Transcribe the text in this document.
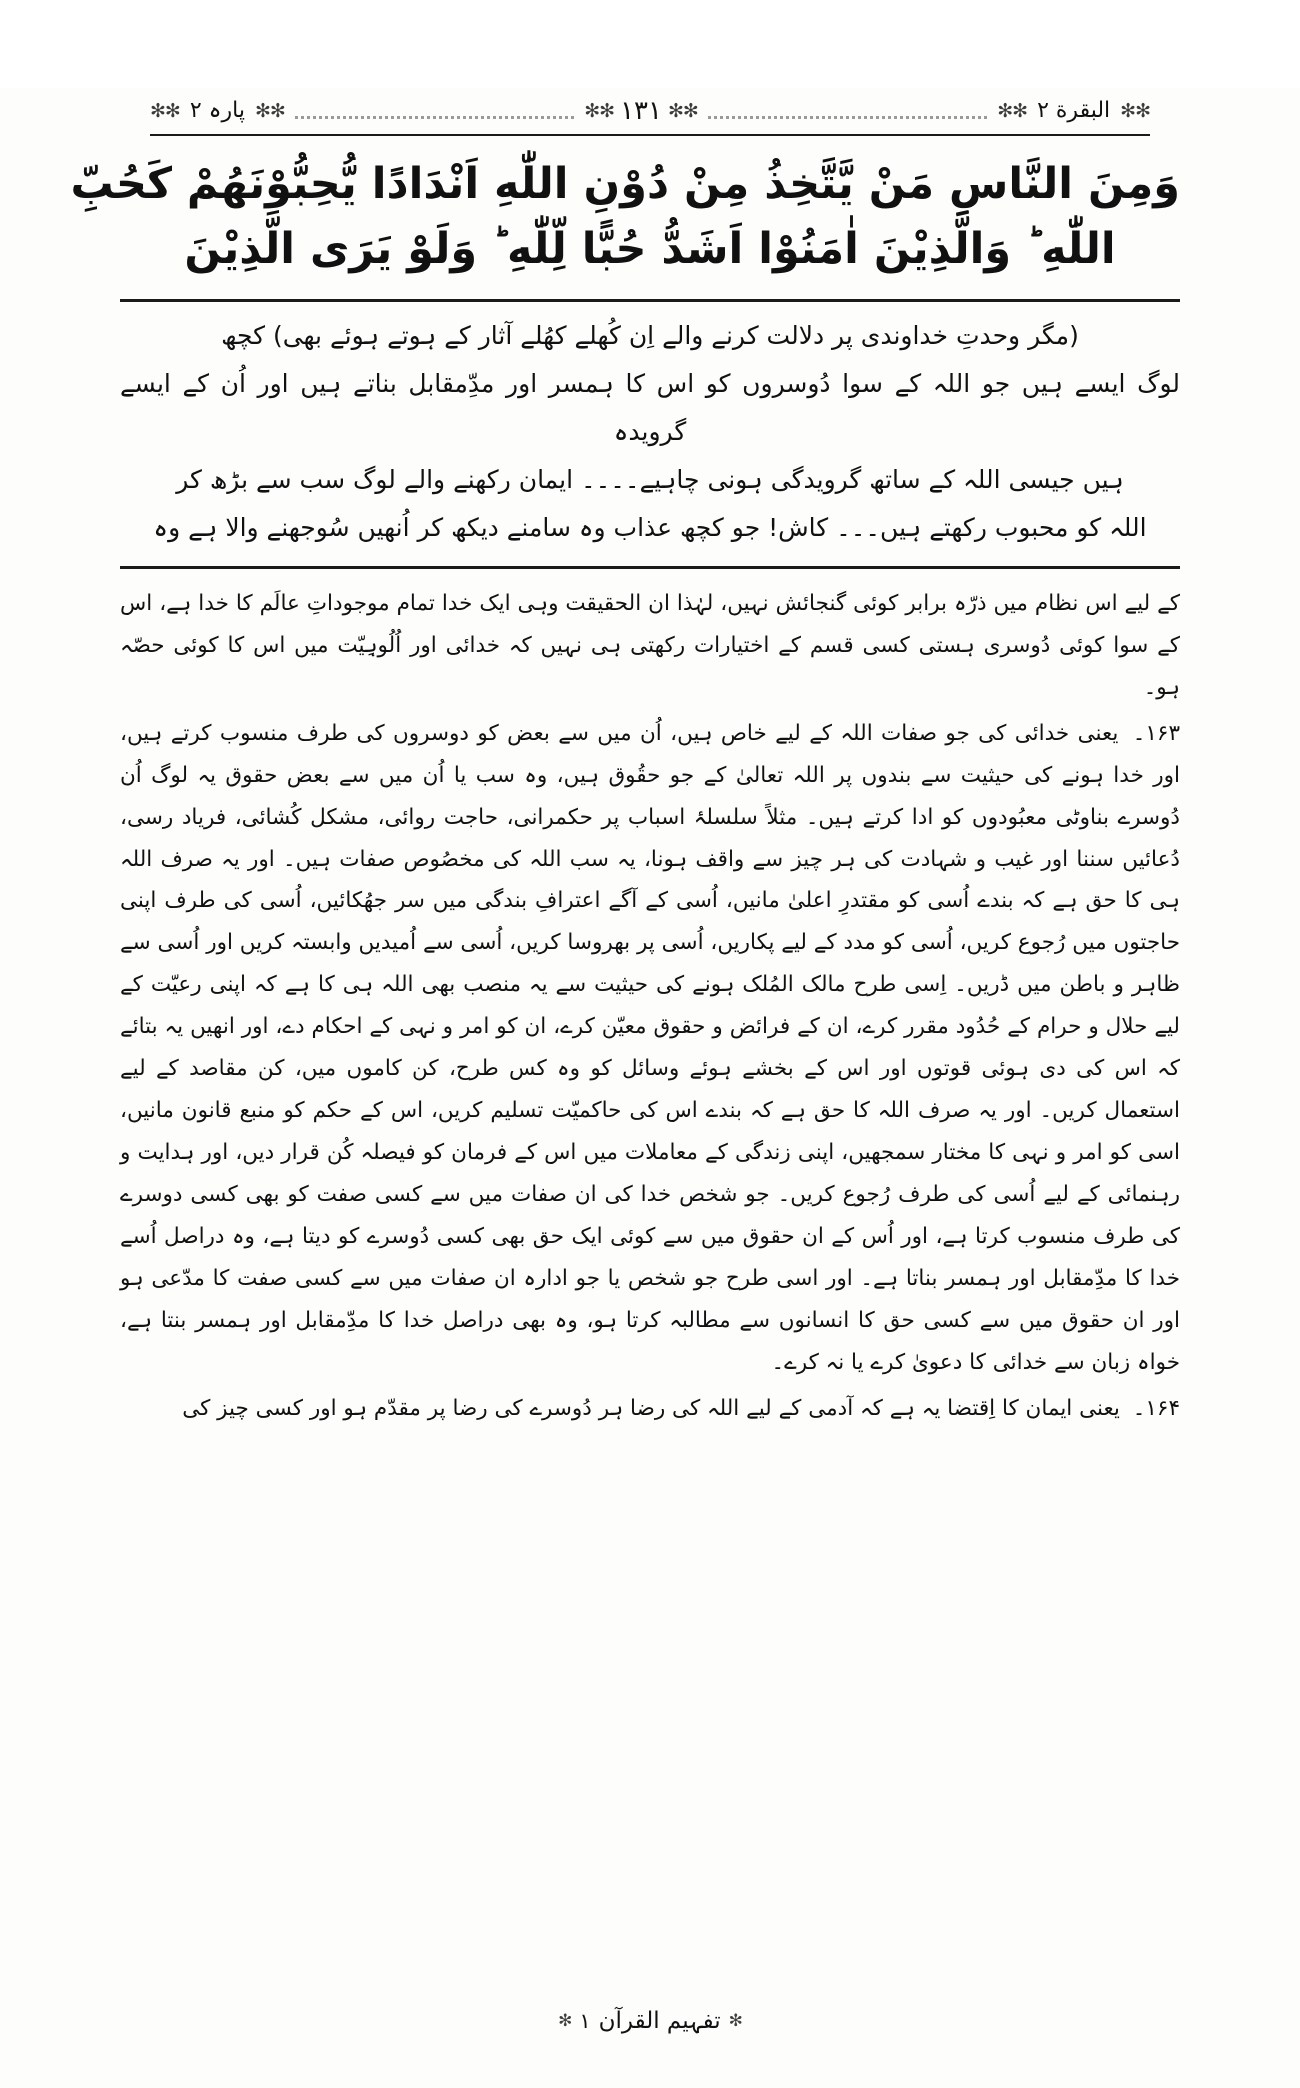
✻✻
البقرة ۲
✻✻
✻✻
۱۳۱
✻✻
✻✻
پارہ ۲
✻✻
وَمِنَ النَّاسِ مَنْ يَّتَّخِذُ مِنْ دُوْنِ اللّٰهِ اَنْدَادًا يُّحِبُّوْنَهُمْ كَحُبِّ
اللّٰهِ ؕ وَالَّذِيْنَ اٰمَنُوْا اَشَدُّ حُبًّا لِّلّٰهِ ؕ وَلَوْ يَرَى الَّذِيْنَ
(مگر وحدتِ خداوندی پر دلالت کرنے والے اِن کُھلے کھُلے آثار کے ہوتے ہوئے بھی) کچھ
لوگ ایسے ہیں جو اللہ کے سوا دُوسروں کو اس کا ہمسر اور مدِّمقابل بناتے ہیں اور اُن کے ایسے گرویدہ
ہیں جیسی اللہ کے ساتھ گرویدگی ہونی چاہیے۔۔۔۔ ایمان رکھنے والے لوگ سب سے بڑھ کر
اللہ کو محبوب رکھتے ہیں۔۔۔ کاش! جو کچھ عذاب وہ سامنے دیکھ کر اُنھیں سُوجھنے والا ہے وہ
کے لیے اس نظام میں ذرّہ برابر کوئی گنجائش نہیں، لہٰذا ان الحقیقت وہی ایک خدا تمام موجوداتِ عالَم کا خدا ہے، اس کے سوا کوئی دُوسری ہستی کسی قسم کے اختیارات رکھتی ہی نہیں کہ خدائی اور اُلُوہِیّت میں اس کا کوئی حصّہ ہو۔
۱۶۳۔ یعنی خدائی کی جو صفات اللہ کے لیے خاص ہیں، اُن میں سے بعض کو دوسروں کی طرف منسوب کرتے ہیں، اور خدا ہونے کی حیثیت سے بندوں پر اللہ تعالیٰ کے جو حقُوق ہیں، وہ سب یا اُن میں سے بعض حقوق یہ لوگ اُن دُوسرے بناوٹی معبُودوں کو ادا کرتے ہیں۔ مثلاً سلسلۂ اسباب پر حکمرانی، حاجت روائی، مشکل کُشائی، فریاد رسی، دُعائیں سننا اور غیب و شہادت کی ہر چیز سے واقف ہونا، یہ سب اللہ کی مخصُوص صفات ہیں۔ اور یہ صرف اللہ ہی کا حق ہے کہ بندے اُسی کو مقتدرِ اعلیٰ مانیں، اُسی کے آگے اعترافِ بندگی میں سر جھُکائیں، اُسی کی طرف اپنی حاجتوں میں رُجوع کریں، اُسی کو مدد کے لیے پکاریں، اُسی پر بھروسا کریں، اُسی سے اُمیدیں وابستہ کریں اور اُسی سے ظاہر و باطن میں ڈریں۔ اِسی طرح مالک المُلک ہونے کی حیثیت سے یہ منصب بھی اللہ ہی کا ہے کہ اپنی رعیّت کے لیے حلال و حرام کے حُدُود مقرر کرے، ان کے فرائض و حقوق معیّن کرے، ان کو امر و نہی کے احکام دے، اور انھیں یہ بتائے کہ اس کی دی ہوئی قوتوں اور اس کے بخشے ہوئے وسائل کو وہ کس طرح، کن کاموں میں، کن مقاصد کے لیے استعمال کریں۔ اور یہ صرف اللہ کا حق ہے کہ بندے اس کی حاکمیّت تسلیم کریں، اس کے حکم کو منبع قانون مانیں، اسی کو امر و نہی کا مختار سمجھیں، اپنی زندگی کے معاملات میں اس کے فرمان کو فیصلہ کُن قرار دیں، اور ہدایت و رہنمائی کے لیے اُسی کی طرف رُجوع کریں۔ جو شخص خدا کی ان صفات میں سے کسی صفت کو بھی کسی دوسرے کی طرف منسوب کرتا ہے، اور اُس کے ان حقوق میں سے کوئی ایک حق بھی کسی دُوسرے کو دیتا ہے، وہ دراصل اُسے خدا کا مدِّمقابل اور ہمسر بناتا ہے۔ اور اسی طرح جو شخص یا جو ادارہ ان صفات میں سے کسی صفت کا مدّعی ہو اور ان حقوق میں سے کسی حق کا انسانوں سے مطالبہ کرتا ہو، وہ بھی دراصل خدا کا مدِّمقابل اور ہمسر بنتا ہے، خواہ زبان سے خدائی کا دعویٰ کرے یا نہ کرے۔
۱۶۴۔ یعنی ایمان کا اِقتضا یہ ہے کہ آدمی کے لیے اللہ کی رضا ہر دُوسرے کی رضا پر مقدّم ہو اور کسی چیز کی
✻
تفہیم القرآن
۱
✻
